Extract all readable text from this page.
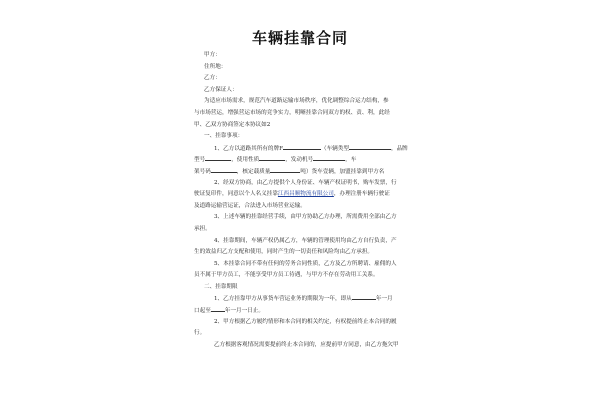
车辆挂靠合同
甲方：
住所地：
乙方：
乙方保证人：
为适应市场需求，规范汽车道路运输市场秩序，优化调整综合运力结构，参
与市场营运，增强营运市场的竞争实力，明晰挂靠合同双方的权、责、利，此经
甲、乙双方协商签定本协议如2
一、挂靠事项：
1、乙方以道路其所有的牌F	（车辆类型	，品牌
型号	，使用性质	，发动机号	，车
架号码	，核定载质量	吨）货车壹辆，加盟挂靠到甲方名
2、经双方协商，由乙方提供个人身份证、车辆产权证明书，购车发票，行
驶证复印件，同意以个人名义挂靠江西昌顺物流有限公司，办理注册车辆行驶证
及道路运输营运证，合法进入市场营业运输。
3、上述车辆的挂靠经营手续，由甲方协助乙方办理，所需费用全部由乙方
承担。
4、挂靠期间，车辆产权仍属乙方，车辆的管理使用均由乙方自行负责，产
生的效益归乙方支配和使用，同时产生的一切责任和风险均由乙方承担。
5、本挂靠合同不带有任何的劳务合同性质，乙方及乙方所聘请、雇佣的人
员不属于甲方员工，不能享受甲方员工待遇，与甲方不存在劳动用工关系。
二、挂靠期限
1、乙方挂靠甲方从事货车营运业务的期限为一年，即从	年一月
口起至	年一月一日止。
2、甲方根据乙方履约情形和本合同的相关约定，有权提前终止本合同的履
行。
乙方根据客观情况需要提前终止本合同的，应提前甲方同意，由乙方拖欠甲
